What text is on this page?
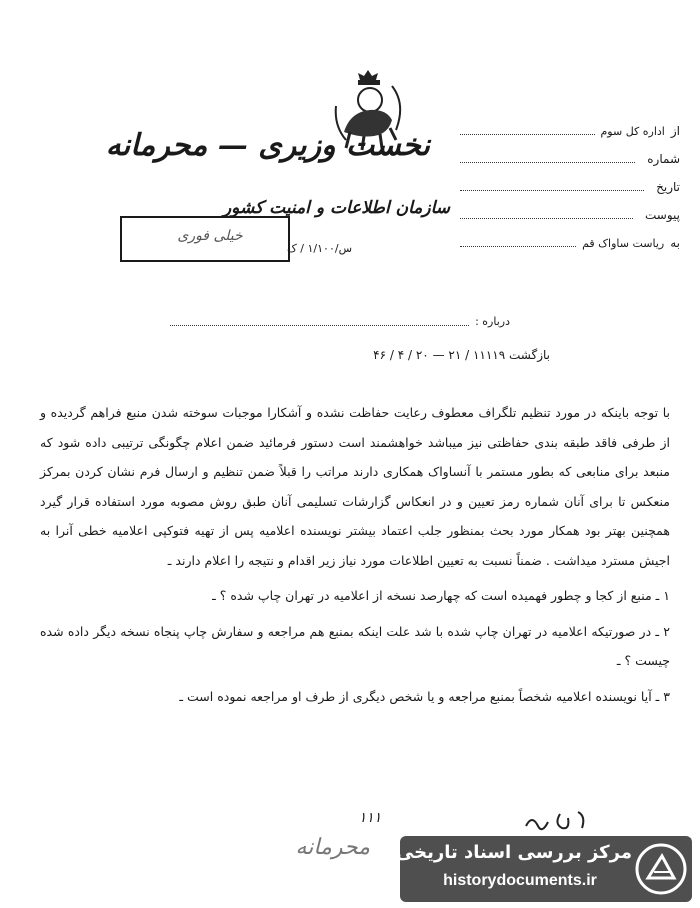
نخست وزیری — محرمانه
سازمان اطلاعات و امنیت کشور
خیلی فوری
س/۱/۱۰۰ / ک
از
اداره کل سوم
شماره
تاریخ
پیوست
به
ریاست ساواک قم
درباره :
بازگشت ۱۱۱۱۹ / ۲۱ — ۲۰ / ۴ / ۴۶

با توجه باینکه در مورد تنظیم تلگراف معطوف رعایت حفاظت نشده و آشکارا موجبات سوخته شدن منبع فراهم گردیده و از طرفی فاقد طبقه بندی حفاظتی نیز میباشد خواهشمند است دستور فرمائید ضمن اعلام چگونگی ترتیبی داده شود که منبعد برای منابعی که بطور مستمر با آنساواک همکاری دارند مراتب را قبلاً ضمن تنظیم و ارسال فرم نشان کردن بمرکز منعکس تا برای آنان شماره رمز تعیین و در انعکاس گزارشات تسلیمی آنان طبق روش مصوبه مورد استفاده قرار گیرد همچنین بهتر بود همکار مورد بحث بمنظور جلب اعتماد بیشتر نویسنده اعلامیه پس از تهیه فتوکپی اعلامیه خطی آنرا به اجیش مسترد میداشت . ضمناً نسبت به تعیین اطلاعات مورد نیاز زیر اقدام و نتیجه را اعلام دارند ـ

۱ ـ منبع از کجا و چطور فهمیده است که چهارصد نسخه از اعلامیه در تهران چاپ شده ؟ ـ

۲ ـ در صورتیکه اعلامیه در تهران چاپ شده با شد علت اینکه بمنبع هم مراجعه و سفارش چاپ پنجاه نسخه دیگر داده شده چیست ؟ ـ

۳ ـ آیا نویسنده اعلامیه شخصاً بمنبع مراجعه و یا شخص دیگری از طرف او مراجعه نموده است ـ

۱۱۱
محرمانه مرکز بررسی اسناد تاریخی
historydocuments.ir
